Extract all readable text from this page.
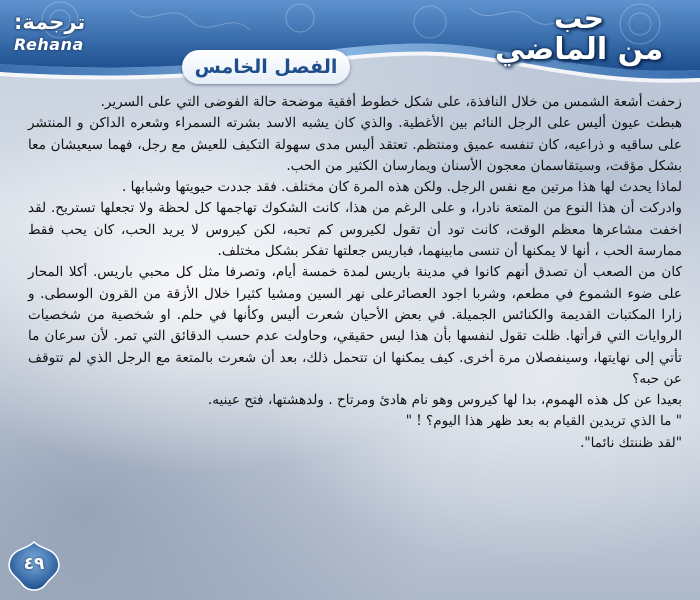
ترجمة:
Rehana
حب
من الماضي
الفصل الخامس

زحفت أشعة الشمس من خلال النافذة، على شكل خطوط أفقية موضحة حالة الفوضى التي على السرير.

هبطت عيون أليس على الرجل النائم بين الأغطية. والذي كان يشبه الاسد بشرته السمراء وشعره الداكن و المنتشر على ساقيه و ذراعيه، كان تنفسه عميق ومنتظم. تعتقد أليس مدى سهولة التكيف للعيش مع رجل، فهما سيعيشان معا بشكل مؤقت، وسيتقاسمان معجون الأسنان ويمارسان الكثير من الحب.

لماذا يحدث لها هذا مرتين مع نفس الرجل. ولكن هذه المرة كان مختلف. فقد جددت حيويتها وشبابها .

وادركت أن هذا النوع من المتعة نادرا، و على الرغم من هذا، كانت الشكوك تهاجمها كل لحظة ولا تجعلها تستريح. لقد اخفت مشاعرها معظم الوقت، كانت تود أن تقول لكيروس كم تحبه، لكن كيروس لا يريد الحب، كان يحب فقط ممارسة الحب ، أنها لا يمكنها أن تنسى مابينهما، فباريس جعلتها تفكر بشكل مختلف.

كان من الصعب أن تصدق أنهم كانوا في مدينة باريس لمدة خمسة أيام، وتصرفا مثل كل محبي باريس. أكلا المحار على ضوء الشموع في مطعم، وشربا اجود العصائرعلى نهر السين ومشيا كثيرا خلال الأزقة من القرون الوسطى. و زارا المكتبات القديمة والكنائس الجميلة. في بعض الأحيان شعرت أليس وكأنها في حلم. او شخصية من شخصيات الروايات التي قرأتها. ظلت تقول لنفسها بأن هذا ليس حقيقي، وحاولت عدم حسب الدقائق التي تمر. لأن سرعان ما تأتي إلى نهايتها، وسينفصلان مرة أخرى. كيف يمكنها ان تتحمل ذلك، بعد أن شعرت بالمتعة مع الرجل الذي لم تتوقف عن حبه؟

بعيدا عن كل هذه الهموم، بدا لها كيروس وهو نام هادئ ومرتاح . ولدهشتها، فتح عينيه.

" ما الذي تريدين القيام به بعد ظهر هذا اليوم؟ ! "

"لقد ظننتك نائما".

٤٩
